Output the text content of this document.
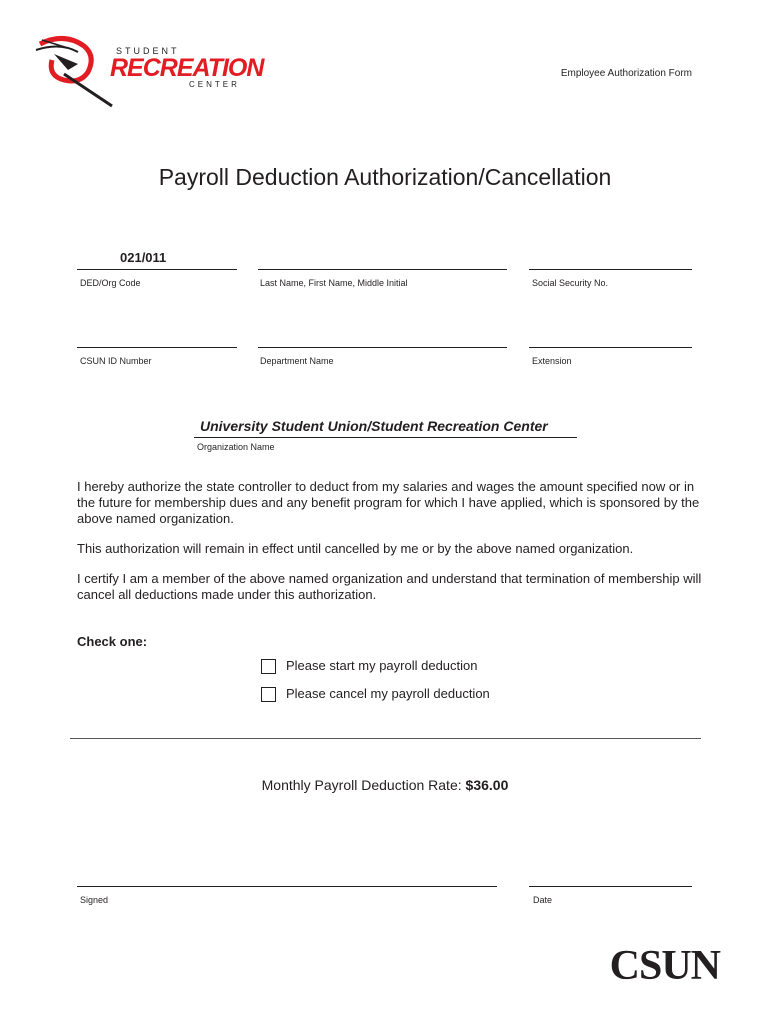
STUDENT
RECREATION
CENTER
Employee Authorization Form
Payroll Deduction Authorization/Cancellation
021/011
DED/Org Code	Last Name, First Name, Middle Initial	Social Security No.
CSUN ID Number	Department Name	Extension
University Student Union/Student Recreation Center
Organization Name
I hereby authorize the state controller to deduct from my salaries and wages the amount specified now or in the future for membership dues and any benefit program for which I have applied, which is sponsored by the above named organization.
This authorization will remain in effect until cancelled by me or by the above named organization.
I certify I am a member of the above named organization and understand that termination of membership will cancel all deductions made under this authorization.
Check one:
Please start my payroll deduction
Please cancel my payroll deduction
Monthly Payroll Deduction Rate: $36.00
Signed	Date
CSUN
